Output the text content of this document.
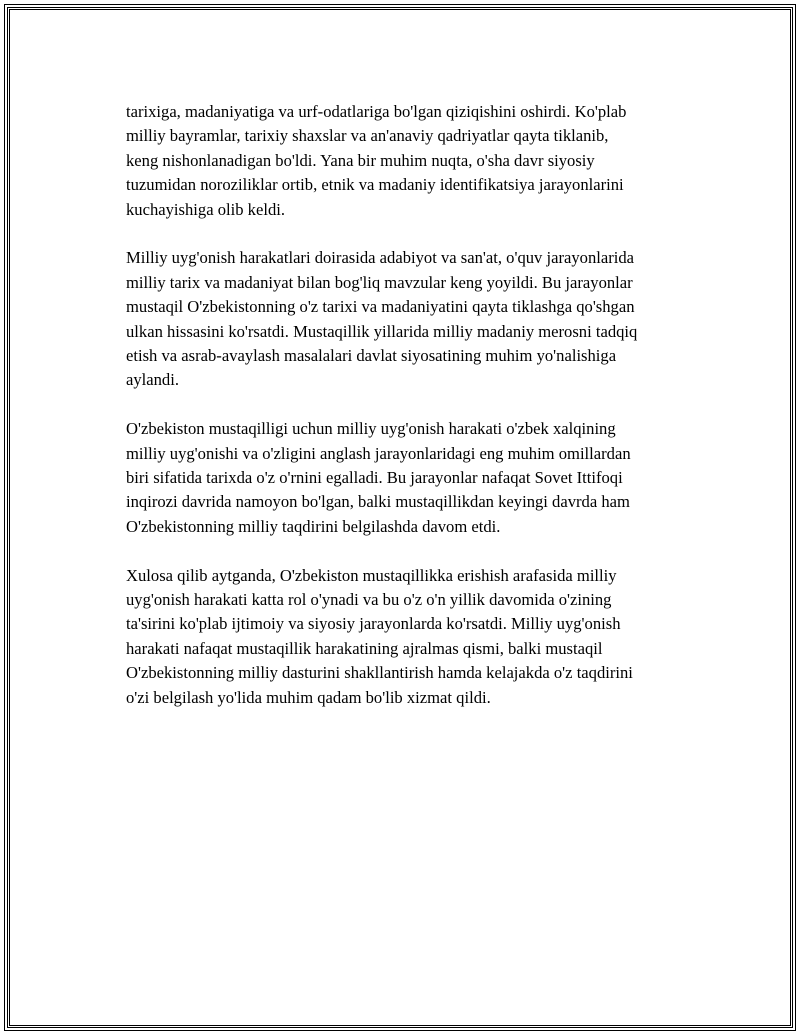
tarixiga, madaniyatiga va urf-odatlariga bo'lgan qiziqishini oshirdi. Ko'plab
milliy bayramlar, tarixiy shaxslar va an'anaviy qadriyatlar qayta tiklanib,
keng nishonlanadigan bo'ldi. Yana bir muhim nuqta, o'sha davr siyosiy
tuzumidan noroziliklar ortib, etnik va madaniy identifikatsiya jarayonlarini
kuchayishiga olib keldi.

Milliy uyg'onish harakatlari doirasida adabiyot va san'at, o'quv jarayonlarida
milliy tarix va madaniyat bilan bog'liq mavzular keng yoyildi. Bu jarayonlar
mustaqil O'zbekistonning o'z tarixi va madaniyatini qayta tiklashga qo'shgan
ulkan hissasini ko'rsatdi. Mustaqillik yillarida milliy madaniy merosni tadqiq
etish va asrab-avaylash masalalari davlat siyosatining muhim yo'nalishiga
aylandi.

O'zbekiston mustaqilligi uchun milliy uyg'onish harakati o'zbek xalqining
milliy uyg'onishi va o'zligini anglash jarayonlaridagi eng muhim omillardan
biri sifatida tarixda o'z o'rnini egalladi. Bu jarayonlar nafaqat Sovet Ittifoqi
inqirozi davrida namoyon bo'lgan, balki mustaqillikdan keyingi davrda ham
O'zbekistonning milliy taqdirini belgilashda davom etdi.

Xulosa qilib aytganda, O'zbekiston mustaqillikka erishish arafasida milliy
uyg'onish harakati katta rol o'ynadi va bu o'z o'n yillik davomida o'zining
ta'sirini ko'plab ijtimoiy va siyosiy jarayonlarda ko'rsatdi. Milliy uyg'onish
harakati nafaqat mustaqillik harakatining ajralmas qismi, balki mustaqil
O'zbekistonning milliy dasturini shakllantirish hamda kelajakda o'z taqdirini
o'zi belgilash yo'lida muhim qadam bo'lib xizmat qildi.
